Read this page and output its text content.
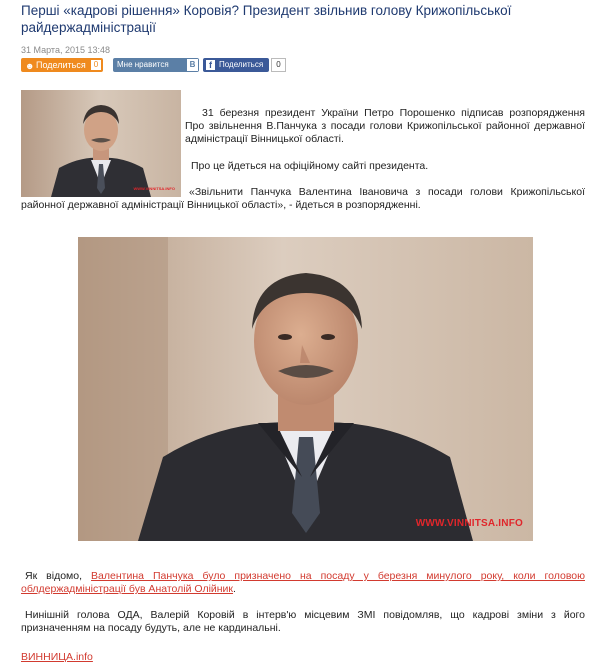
Перші «кадрові рішення» Коровія? Президент звільнив голову Крижопільської райдержадміністрації
31 Марта, 2015 13:48
☻ Поделиться	0	Мне нравится	В	f Поделиться	0
WWW.VINNITSA.INFO

31 березня президент України Петро Порошенко підписав розпорядження Про звільнення В.Панчука з посади голови Крижопільської районної державної адміністрації Вінницької області.

Про це йдеться на офіційному сайті президента.

«Звільнити Панчука Валентина Івановича з посади голови Крижопільської районної державної адміністрації Вінницької області», - йдеться в розпорядженні.

WWW.VINNITSA.INFO

Як відомо, Валентина Панчука було призначено на посаду у березня минулого року, коли головою облдержадміністрації був Анатолій Олійник.

Нинішній голова ОДА, Валерій Коровій в інтерв'ю місцевим ЗМІ повідомляв, що кадрові зміни з його призначенням на посаду будуть, але не кардинальні.

ВИННИЦА.info
